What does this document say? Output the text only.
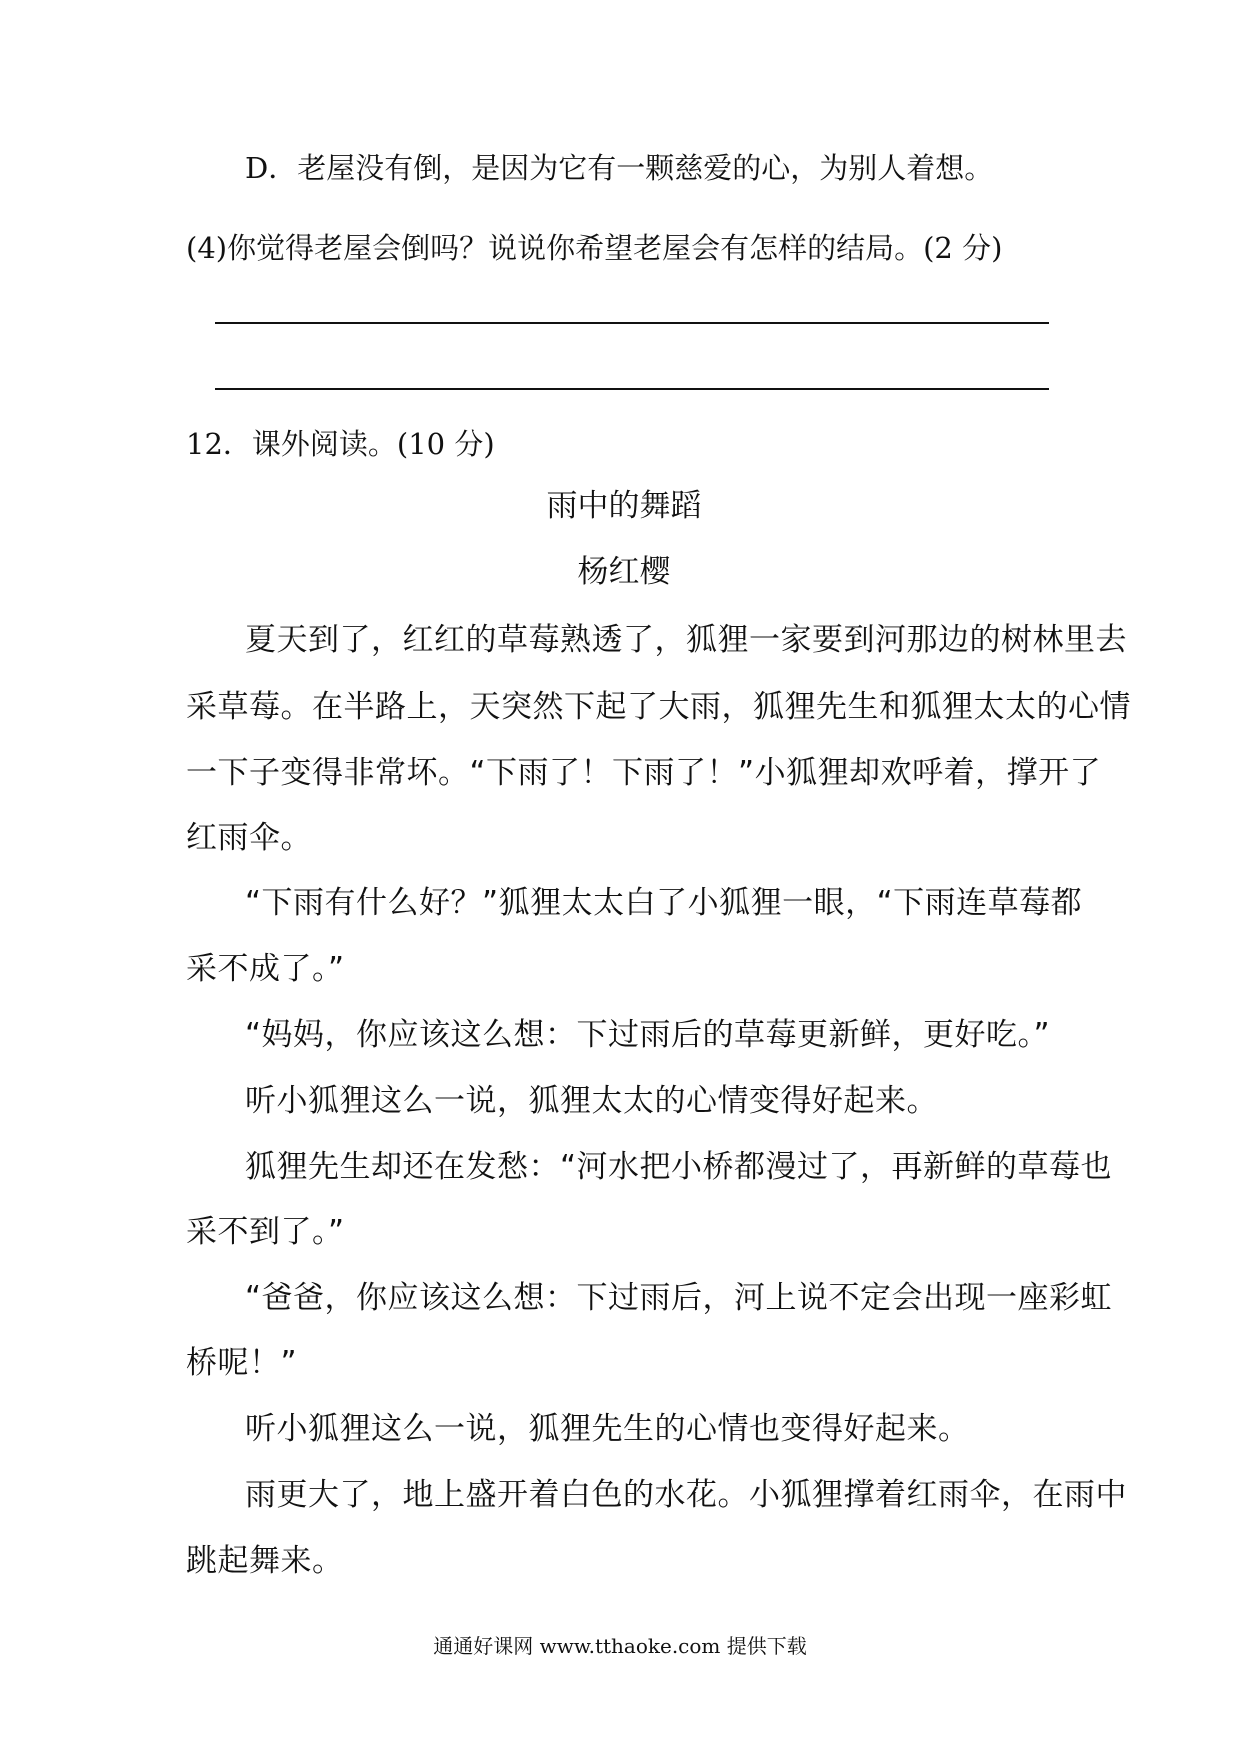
D．老屋没有倒，是因为它有一颗慈爱的心，为别人着想。
(4)你觉得老屋会倒吗？说说你希望老屋会有怎样的结局。(2 分)
12．课外阅读。(10 分)
雨中的舞蹈
杨红樱
夏天到了，红红的草莓熟透了，狐狸一家要到河那边的树林里去
采草莓。在半路上，天突然下起了大雨，狐狸先生和狐狸太太的心情
一下子变得非常坏。“下雨了！下雨了！”小狐狸却欢呼着，撑开了
红雨伞。
“下雨有什么好？”狐狸太太白了小狐狸一眼，“下雨连草莓都
采不成了。”
“妈妈，你应该这么想：下过雨后的草莓更新鲜，更好吃。”
听小狐狸这么一说，狐狸太太的心情变得好起来。
狐狸先生却还在发愁：“河水把小桥都漫过了，再新鲜的草莓也
采不到了。”
“爸爸，你应该这么想：下过雨后，河上说不定会出现一座彩虹
桥呢！”
听小狐狸这么一说，狐狸先生的心情也变得好起来。
雨更大了，地上盛开着白色的水花。小狐狸撑着红雨伞，在雨中
跳起舞来。
通通好课网 www.tthaoke.com 提供下载
